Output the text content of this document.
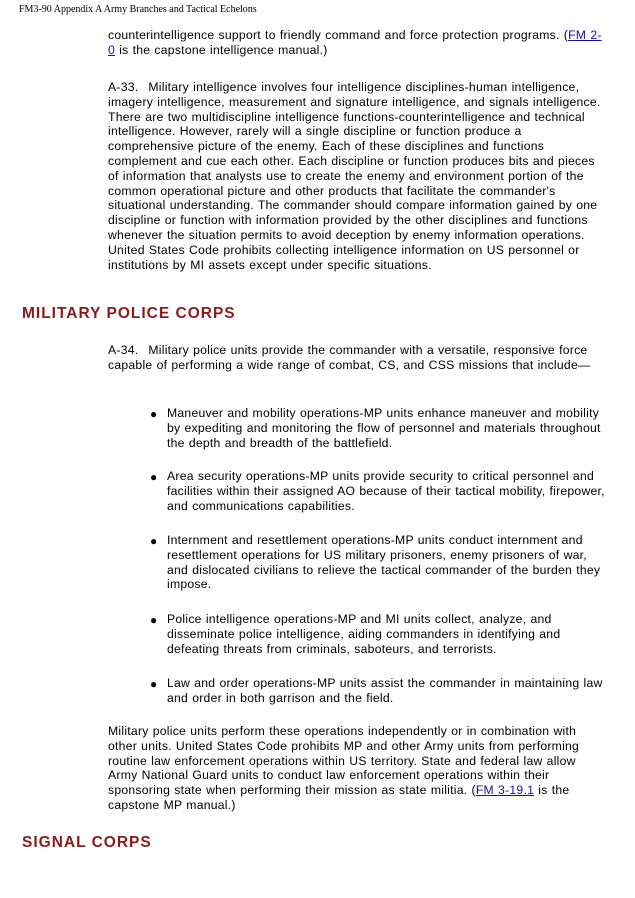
FM3-90 Appendix A Army Branches and Tactical Echelons
counterintelligence support to friendly command and force protection programs. (FM 2-0 is the capstone intelligence manual.)
A-33. Military intelligence involves four intelligence disciplines-human intelligence, imagery intelligence, measurement and signature intelligence, and signals intelligence. There are two multidiscipline intelligence functions-counterintelligence and technical intelligence. However, rarely will a single discipline or function produce a comprehensive picture of the enemy. Each of these disciplines and functions complement and cue each other. Each discipline or function produces bits and pieces of information that analysts use to create the enemy and environment portion of the common operational picture and other products that facilitate the commander's situational understanding. The commander should compare information gained by one discipline or function with information provided by the other disciplines and functions whenever the situation permits to avoid deception by enemy information operations. United States Code prohibits collecting intelligence information on US personnel or institutions by MI assets except under specific situations.
MILITARY POLICE CORPS
A-34. Military police units provide the commander with a versatile, responsive force capable of performing a wide range of combat, CS, and CSS missions that include—
● Maneuver and mobility operations-MP units enhance maneuver and mobility by expediting and monitoring the flow of personnel and materials throughout the depth and breadth of the battlefield.
● Area security operations-MP units provide security to critical personnel and facilities within their assigned AO because of their tactical mobility, firepower, and communications capabilities.
● Internment and resettlement operations-MP units conduct internment and resettlement operations for US military prisoners, enemy prisoners of war, and dislocated civilians to relieve the tactical commander of the burden they impose.
● Police intelligence operations-MP and MI units collect, analyze, and disseminate police intelligence, aiding commanders in identifying and defeating threats from criminals, saboteurs, and terrorists.
● Law and order operations-MP units assist the commander in maintaining law and order in both garrison and the field.
Military police units perform these operations independently or in combination with other units. United States Code prohibits MP and other Army units from performing routine law enforcement operations within US territory. State and federal law allow Army National Guard units to conduct law enforcement operations within their sponsoring state when performing their mission as state militia. (FM 3-19.1 is the capstone MP manual.)
SIGNAL CORPS
